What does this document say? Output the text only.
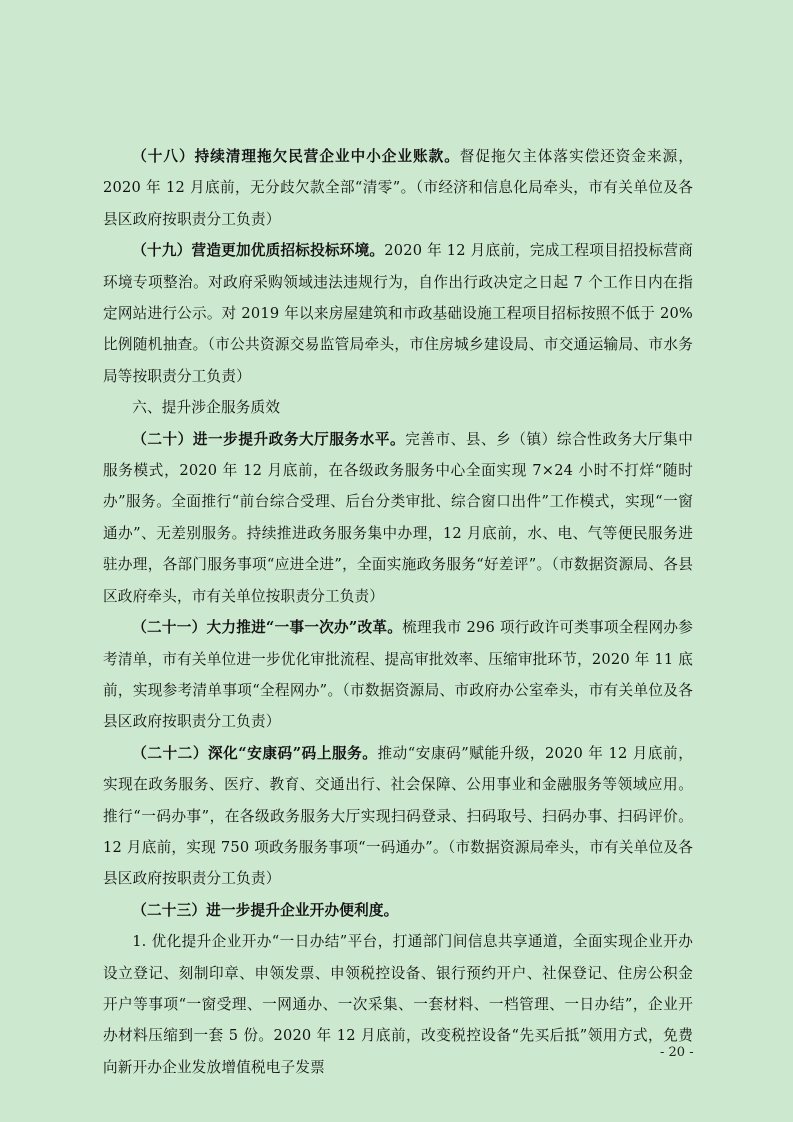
（十八）持续清理拖欠民营企业中小企业账款。督促拖欠主体落实偿还资金来源，2020 年 12 月底前，无分歧欠款全部“清零”。（市经济和信息化局牵头，市有关单位及各县区政府按职责分工负责）

（十九）营造更加优质招标投标环境。2020 年 12 月底前，完成工程项目招投标营商环境专项整治。对政府采购领域违法违规行为，自作出行政决定之日起 7 个工作日内在指定网站进行公示。对 2019 年以来房屋建筑和市政基础设施工程项目招标按照不低于 20%比例随机抽查。（市公共资源交易监管局牵头，市住房城乡建设局、市交通运输局、市水务局等按职责分工负责）

六、提升涉企服务质效

（二十）进一步提升政务大厅服务水平。完善市、县、乡（镇）综合性政务大厅集中服务模式，2020 年 12 月底前，在各级政务服务中心全面实现 7×24 小时不打烊“随时办”服务。全面推行“前台综合受理、后台分类审批、综合窗口出件”工作模式，实现“一窗通办”、无差别服务。持续推进政务服务集中办理，12 月底前，水、电、气等便民服务进驻办理，各部门服务事项“应进全进”，全面实施政务服务“好差评”。（市数据资源局、各县区政府牵头，市有关单位按职责分工负责）

（二十一）大力推进“一事一次办”改革。梳理我市 296 项行政许可类事项全程网办参考清单，市有关单位进一步优化审批流程、提高审批效率、压缩审批环节，2020 年 11 底前，实现参考清单事项“全程网办”。（市数据资源局、市政府办公室牵头，市有关单位及各县区政府按职责分工负责）

（二十二）深化“安康码”码上服务。推动“安康码”赋能升级，2020 年 12 月底前，实现在政务服务、医疗、教育、交通出行、社会保障、公用事业和金融服务等领域应用。推行“一码办事”，在各级政务服务大厅实现扫码登录、扫码取号、扫码办事、扫码评价。12 月底前，实现 750 项政务服务事项“一码通办”。（市数据资源局牵头，市有关单位及各县区政府按职责分工负责）

（二十三）进一步提升企业开办便利度。

1. 优化提升企业开办“一日办结”平台，打通部门间信息共享通道，全面实现企业开办设立登记、刻制印章、申领发票、申领税控设备、银行预约开户、社保登记、住房公积金开户等事项“一窗受理、一网通办、一次采集、一套材料、一档管理、一日办结”，企业开办材料压缩到一套 5 份。2020 年 12 月底前，改变税控设备“先买后抵”领用方式，免费向新开办企业发放增值税电子发票

- 20 -
